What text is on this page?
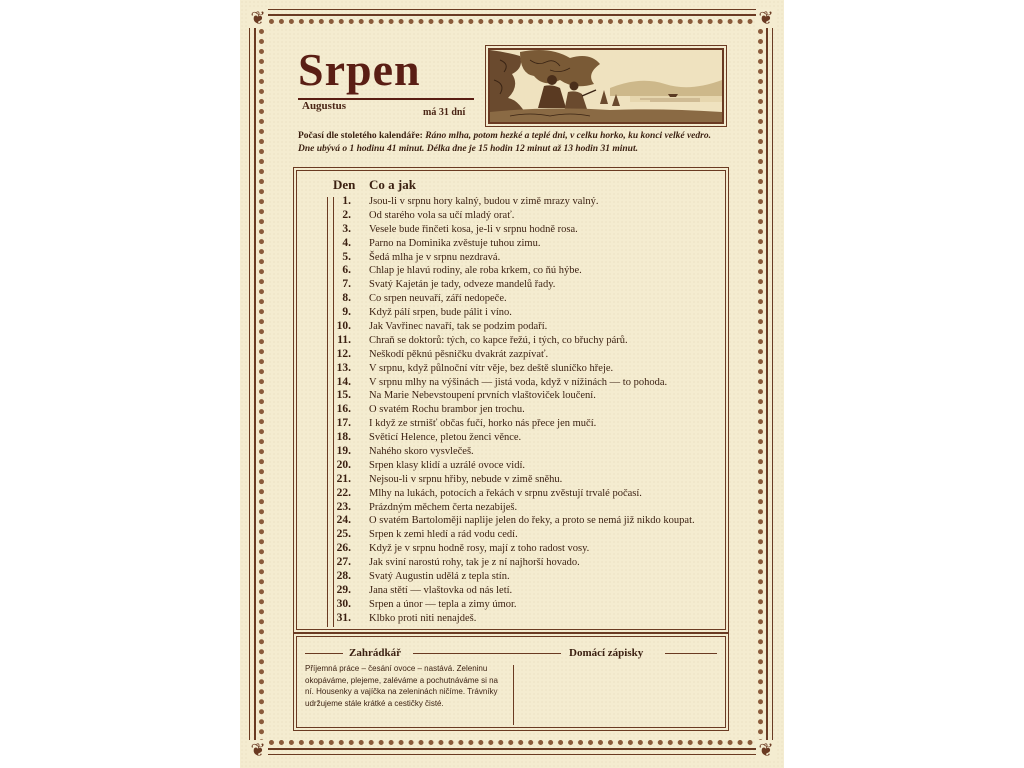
❦	❦
❦	❦
Srpen
Augustus
má 31 dní
Počasí dle stoletého kalendáře: Ráno mlha, potom hezké a teplé dni, v celku horko, ku konci velké vedro. Dne ubývá o 1 hodinu 41 minut. Délka dne je 15 hodin 12 minut až 13 hodin 31 minut.
Den Co a jak
1. Jsou-li v srpnu hory kalný, budou v zimě mrazy valný.
2. Od starého vola sa učí mladý orať.
3. Vesele bude řinčeti kosa, je-li v srpnu hodně rosa.
4. Parno na Dominika zvěstuje tuhou zimu.
5. Šedá mlha je v srpnu nezdravá.
6. Chlap je hlavú rodiny, ale roba krkem, co ňú hýbe.
7. Svatý Kajetán je tady, odveze mandelů řady.
8. Co srpen neuvaří, září nedopeče.
9. Když pálí srpen, bude pálit i víno.
10. Jak Vavřinec navaří, tak se podzim podaří.
11. Chraň se doktorů: tých, co kapce řežú, i tých, co břuchy párů.
12. Neškodí pěknú pěsničku dvakrát zazpívať.
13. V srpnu, když půlnoční vítr věje, bez deště sluníčko hřeje.
14. V srpnu mlhy na výšinách — jistá voda, když v nížinách — to pohoda.
15. Na Marie Nebevstoupení prvních vlaštoviček loučení.
16. O svatém Rochu brambor jen trochu.
17. I když ze strnišť občas fučí, horko nás přece jen mučí.
18. Světicí Helence, pletou ženci věnce.
19. Nahého skoro vysvlečeš.
20. Srpen klasy klidí a uzrálé ovoce vidí.
21. Nejsou-li v srpnu hřiby, nebude v zimě sněhu.
22. Mlhy na lukách, potocích a řekách v srpnu zvěstují trvalé počasí.
23. Prázdným měchem čerta nezabiješ.
24. O svatém Bartoloměji naplije jelen do řeky, a proto se nemá již nikdo koupat.
25. Srpen k zemi hledí a rád vodu cedí.
26. Když je v srpnu hodně rosy, mají z toho radost vosy.
27. Jak sviní narostú rohy, tak je z ní najhorší hovado.
28. Svatý Augustin udělá z tepla stín.
29. Jana stětí — vlaštovka od nás letí.
30. Srpen a únor — tepla a zimy úmor.
31. Klbko proti niti nenajdeš.
Zahrádkář	Domácí zápisky
Příjemná práce – česání ovoce – nastává. Zeleninu okopáváme, plejeme, zaléváme a pochutnáváme si na ní. Housenky a vajíčka na zeleninách ničíme. Trávníky udržujeme stále krátké a cestičky čisté.
